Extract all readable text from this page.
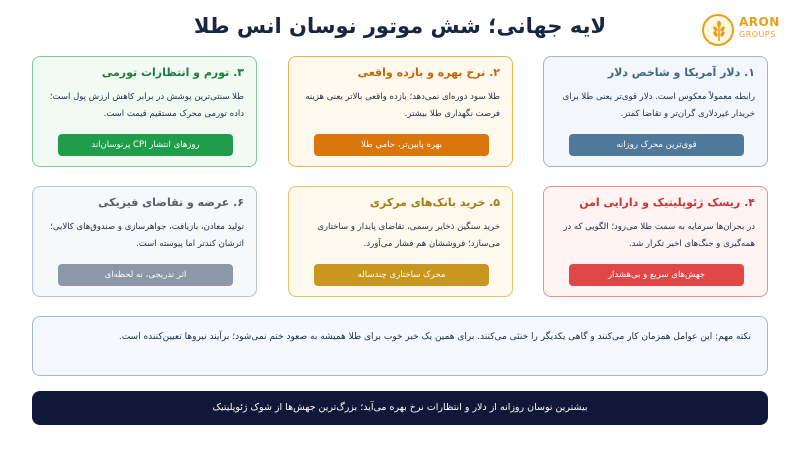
لایه جهانی؛ شش موتور نوسان انس طلا	ARON
GROUPS
۱. دلار آمریکا و شاخص دلار

رابطه معمولاً معکوس است. دلار قوی‌تر یعنی طلا برای خریدار غیردلاری گران‌تر و تقاضا کمتر.

قوی‌ترین محرک روزانه
۲. نرخ بهره و بازده واقعی

طلا سود دوره‌ای نمی‌دهد؛ بازده واقعی بالاتر یعنی هزینه فرصت نگهداری طلا بیشتر.

بهره پایین‌تر، حامی طلا
۳. تورم و انتظارات تورمی

طلا سنتی‌ترین پوشش در برابر کاهش ارزش پول است؛ داده تورمی محرک مستقیم قیمت است.

روزهای انتشار CPI پرنوسان‌اند
۴. ریسک ژئوپلیتیک و دارایی امن

در بحران‌ها سرمایه به سمت طلا می‌رود؛ الگویی که در همه‌گیری و جنگ‌های اخیر تکرار شد.

جهش‌های سریع و بی‌هشدار
۵. خرید بانک‌های مرکزی

خرید سنگین ذخایر رسمی، تقاضای پایدار و ساختاری می‌سازد؛ فروششان هم فشار می‌آورد.

محرک ساختاری چندساله
۶. عرضه و تقاضای فیزیکی

تولید معادن، بازیافت، جواهرسازی و صندوق‌های کالایی؛ اثرشان کندتر اما پیوسته است.

اثر تدریجی، نه لحظه‌ای
نکته مهم: این عوامل همزمان کار می‌کنند و گاهی یکدیگر را خنثی می‌کنند. برای همین یک خبر خوب برای طلا همیشه به صعود ختم نمی‌شود؛ برآیند نیروها تعیین‌کننده است.
بیشترین نوسان روزانه از دلار و انتظارات نرخ بهره می‌آید؛ بزرگ‌ترین جهش‌ها از شوک ژئوپلیتیک
